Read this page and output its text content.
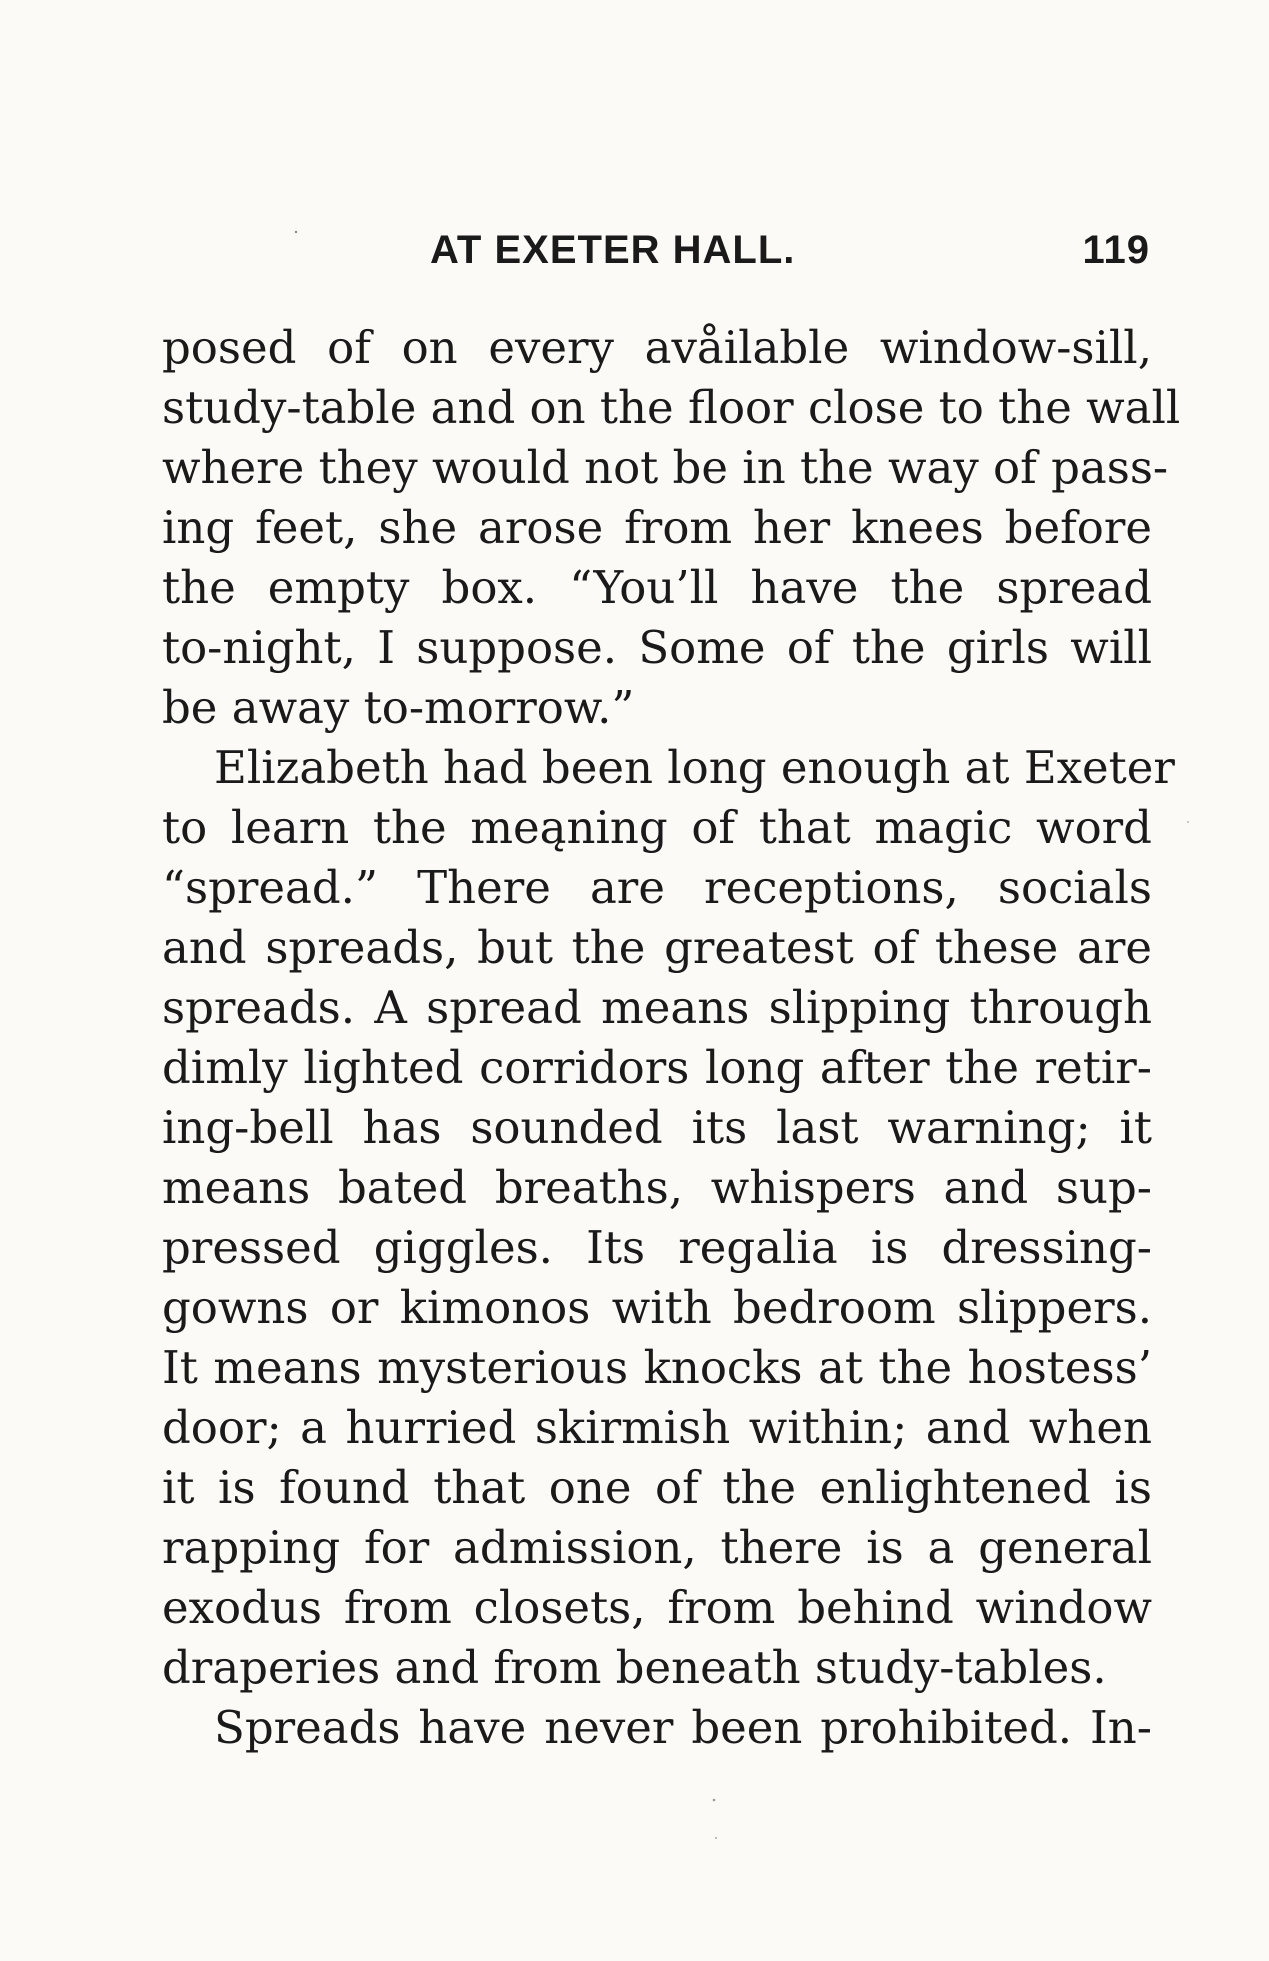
AT EXETER HALL.	119
posed of on every avåilable window-sill,
study-table and on the floor close to the wall
where they would not be in the way of pass-
ing feet, she arose from her knees before
the empty box. “You’ll have the spread
to-night, I suppose. Some of the girls will
be away to-morrow.”
Elizabeth had been long enough at Exeter
to learn the meąning of that magic word
“spread.” There are receptions, socials
and spreads, but the greatest of these are
spreads. A spread means slipping through
dimly lighted corridors long after the retir-
ing-bell has sounded its last warning; it
means bated breaths, whispers and sup-
pressed giggles. Its regalia is dressing-
gowns or kimonos with bedroom slippers.
It means mysterious knocks at the hostess’
door; a hurried skirmish within; and when
it is found that one of the enlightened is
rapping for admission, there is a general
exodus from closets, from behind window
draperies and from beneath study-tables.
Spreads have never been prohibited. In-
